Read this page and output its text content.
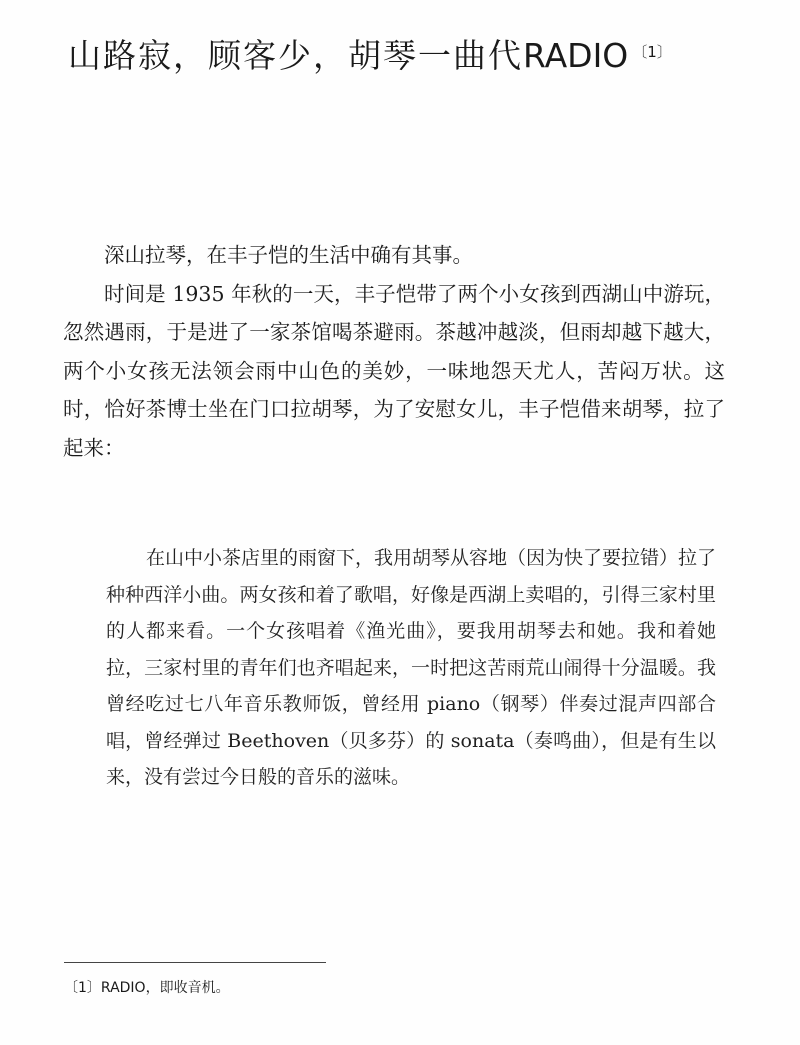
山路寂，顾客少，胡琴一曲代RADIO $^{〔1〕}$

深山拉琴，在丰子恺的生活中确有其事。

时间是 1935 年秋的一天，丰子恺带了两个小女孩到西湖山中游玩，忽然遇雨，于是进了一家茶馆喝茶避雨。茶越冲越淡，但雨却越下越大，两个小女孩无法领会雨中山色的美妙，一味地怨天尤人，苦闷万状。这时，恰好茶博士坐在门口拉胡琴，为了安慰女儿，丰子恺借来胡琴，拉了起来：

在山中小茶店里的雨窗下，我用胡琴从容地（因为快了要拉错）拉了种种西洋小曲。两女孩和着了歌唱，好像是西湖上卖唱的，引得三家村里的人都来看。一个女孩唱着《渔光曲》，要我用胡琴去和她。我和着她拉，三家村里的青年们也齐唱起来，一时把这苦雨荒山闹得十分温暖。我曾经吃过七八年音乐教师饭，曾经用 piano（钢琴）伴奏过混声四部合唱，曾经弹过 Beethoven（贝多芬）的 sonata（奏鸣曲），但是有生以来，没有尝过今日般的音乐的滋味。

〔1〕RADIO，即收音机。
